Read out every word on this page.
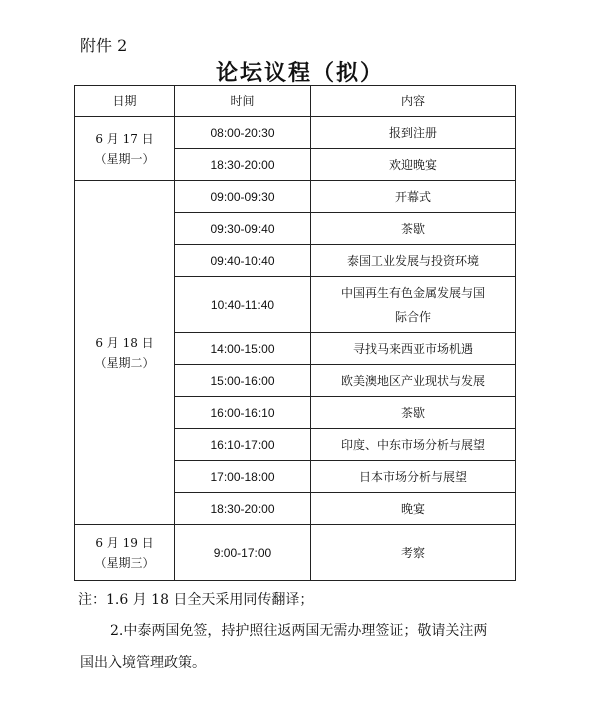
附件 2
论坛议程（拟）
日期	时间	内容

6 月 17 日
（星期一）	08:00-20:30	报到注册
	18:30-20:00	欢迎晚宴

6 月 18 日
（星期二）	09:00-09:30	开幕式
	09:30-09:40	茶歇
	09:40-10:40	泰国工业发展与投资环境
	10:40-11:40	中国再生有色金属发展与国
际合作

	14:00-15:00	寻找马来西亚市场机遇
	15:00-16:00	欧美澳地区产业现状与发展
	16:00-16:10	茶歇
	16:10-17:00	印度、中东市场分析与展望
	17:00-18:00	日本市场分析与展望
	18:30-20:00	晚宴

6 月 19 日
（星期三）	9:00-17:00	考察
注：1.6 月 18 日全天采用同传翻译；
2.中泰两国免签，持护照往返两国无需办理签证；敬请关注两
国出入境管理政策。
